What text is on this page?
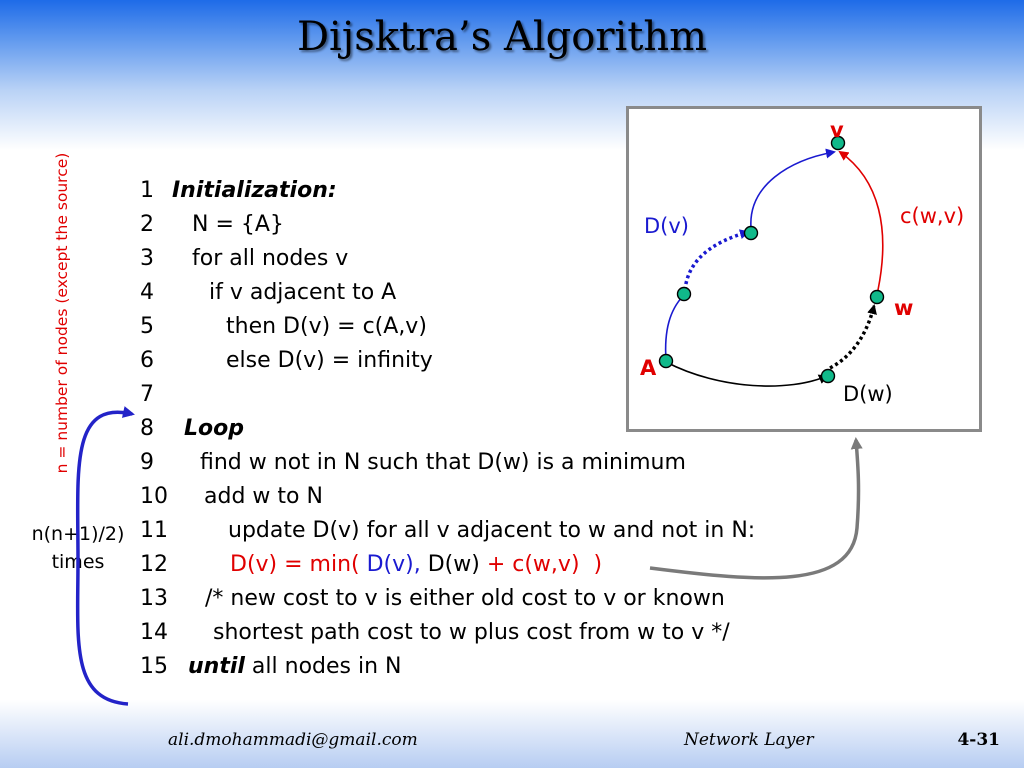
Dijsktra’s Algorithm
n = number of nodes (except the source)
n(n+1)/2)
times
1 Initialization:
2 N = {A}
3 for all nodes v
4	if v adjacent to A
5	then D(v) = c(A,v)
6	else D(v) = infinity
7
8 Loop
9 find w not in N such that D(w) is a minimum
10 add w to N
11	update D(v) for all v adjacent to w and not in N:
12	D(v) = min( D(v), D(w) + c(w,v)  )
13 /* new cost to v is either old cost to v or known
14 shortest path cost to w plus cost from w to v */
15 until all nodes in N
v
D(v)	c(w,v)
w
A
D(w)
ali.dmohammadi@gmail.com	Network Layer	4-31
